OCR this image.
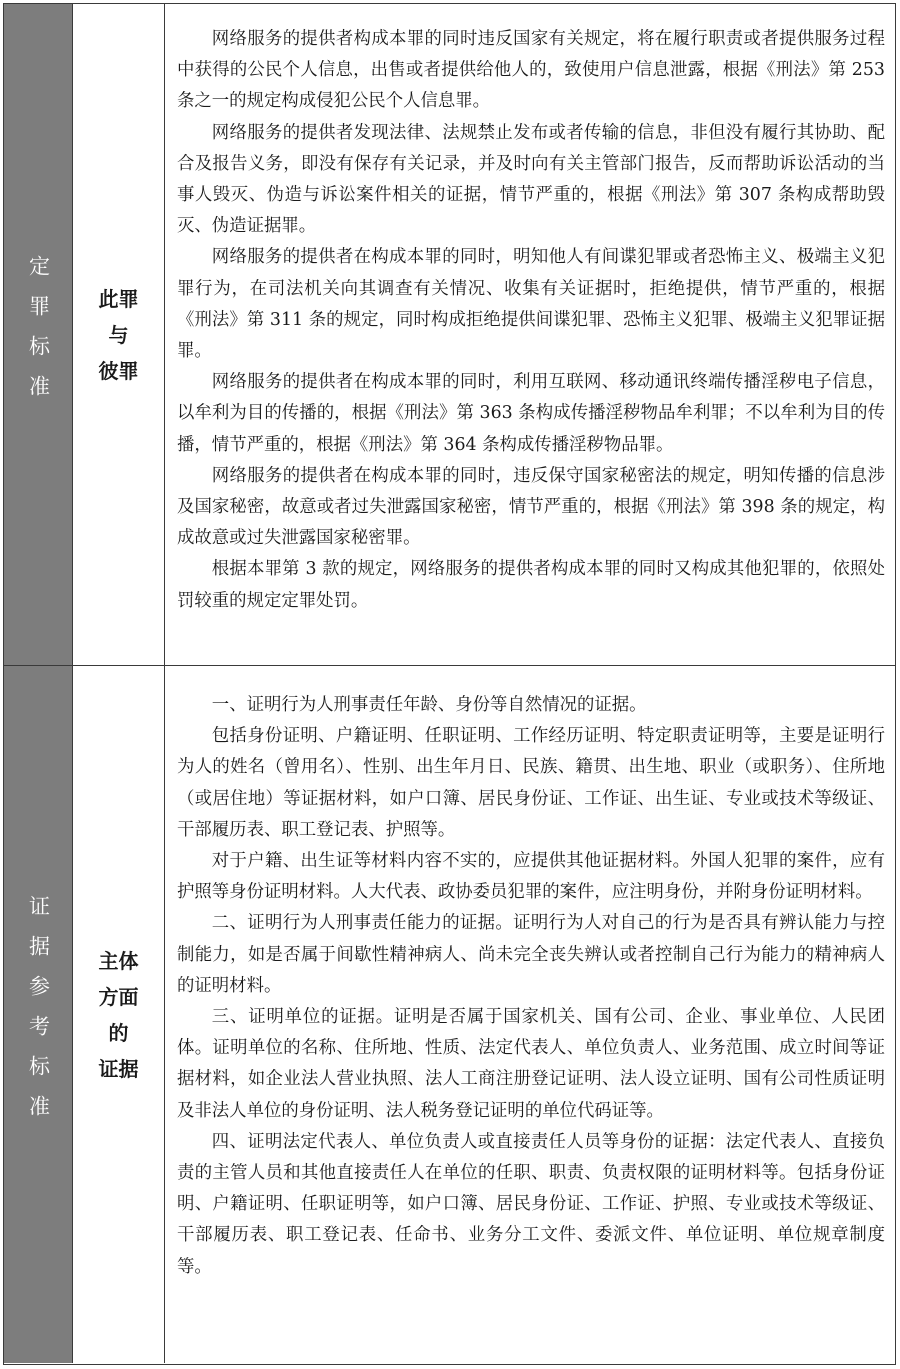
定罪标准 此罪
与
彼罪

网络服务的提供者构成本罪的同时违反国家有关规定，将在履行职责或者提供服务过程中获得的公民个人信息，出售或者提供给他人的，致使用户信息泄露，根据《刑法》第 253 条之一的规定构成侵犯公民个人信息罪。

网络服务的提供者发现法律、法规禁止发布或者传输的信息，非但没有履行其协助、配合及报告义务，即没有保存有关记录，并及时向有关主管部门报告，反而帮助诉讼活动的当事人毁灭、伪造与诉讼案件相关的证据，情节严重的，根据《刑法》第 307 条构成帮助毁灭、伪造证据罪。

网络服务的提供者在构成本罪的同时，明知他人有间谍犯罪或者恐怖主义、极端主义犯罪行为，在司法机关向其调查有关情况、收集有关证据时，拒绝提供，情节严重的，根据《刑法》第 311 条的规定，同时构成拒绝提供间谍犯罪、恐怖主义犯罪、极端主义犯罪证据罪。

网络服务的提供者在构成本罪的同时，利用互联网、移动通讯终端传播淫秽电子信息，以牟利为目的传播的，根据《刑法》第 363 条构成传播淫秽物品牟利罪；不以牟利为目的传播，情节严重的，根据《刑法》第 364 条构成传播淫秽物品罪。

网络服务的提供者在构成本罪的同时，违反保守国家秘密法的规定，明知传播的信息涉及国家秘密，故意或者过失泄露国家秘密，情节严重的，根据《刑法》第 398 条的规定，构成故意或过失泄露国家秘密罪。

根据本罪第 3 款的规定，网络服务的提供者构成本罪的同时又构成其他犯罪的，依照处罚较重的规定定罪处罚。

证据参考标准 主体
方面
的
证据

一、证明行为人刑事责任年龄、身份等自然情况的证据。

包括身份证明、户籍证明、任职证明、工作经历证明、特定职责证明等，主要是证明行为人的姓名（曾用名）、性别、出生年月日、民族、籍贯、出生地、职业（或职务）、住所地（或居住地）等证据材料，如户口簿、居民身份证、工作证、出生证、专业或技术等级证、干部履历表、职工登记表、护照等。

对于户籍、出生证等材料内容不实的，应提供其他证据材料。外国人犯罪的案件，应有护照等身份证明材料。人大代表、政协委员犯罪的案件，应注明身份，并附身份证明材料。

二、证明行为人刑事责任能力的证据。证明行为人对自己的行为是否具有辨认能力与控制能力，如是否属于间歇性精神病人、尚未完全丧失辨认或者控制自己行为能力的精神病人的证明材料。

三、证明单位的证据。证明是否属于国家机关、国有公司、企业、事业单位、人民团体。证明单位的名称、住所地、性质、法定代表人、单位负责人、业务范围、成立时间等证据材料，如企业法人营业执照、法人工商注册登记证明、法人设立证明、国有公司性质证明及非法人单位的身份证明、法人税务登记证明的单位代码证等。

四、证明法定代表人、单位负责人或直接责任人员等身份的证据：法定代表人、直接负责的主管人员和其他直接责任人在单位的任职、职责、负责权限的证明材料等。包括身份证明、户籍证明、任职证明等，如户口簿、居民身份证、工作证、护照、专业或技术等级证、干部履历表、职工登记表、任命书、业务分工文件、委派文件、单位证明、单位规章制度等。
